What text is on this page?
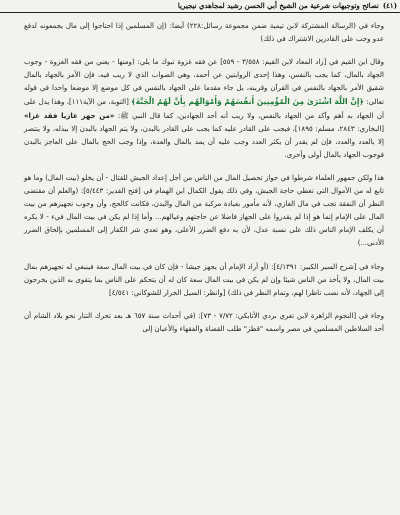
(٤١)نصائح وتوجيهات شرعية من الشيخ أبي الحسن رشيد لمجاهدي نيجيريا

وجاء في (الرسالة المشتركة لابن تيمية ضمن مجموعة رسائل:٢٢٨) أيضا: (إن المسلمين إذا احتاجوا إلى مال يجمعونه لدفع عدو وجب على القادرين الاشتراك في ذلك)

وقال ابن القيم في [زاد المعاد لابن القيم: ٣/٥٥٨ - ٥٥٩] عن فقه غزوة تبوك ما يلي: (ومنها - يعني من فقه الغزوة - وجوب الجهاد بالمال، كما يجب بالنفس، وهذا إحدى الروايتين عن أحمد، وهي الصواب الذي لا ريب فيه، فإن الأمر بالجهاد بالمال شقيق الأمر بالجهاد بالنفس في القرآن وقرينه، بل جاء مقدما على الجهاد بالنفس في كل موضع إلا موضعا واحدا في قوله تعالى: ﴿إِنَّ اللَّهَ اشْتَرَىٰ مِنَ الْمُؤْمِنِينَ أَنفُسَهُمْ وَأَمْوَالَهُم بِأَنَّ لَهُمُ الْجَنَّةَ﴾ [التوبة، من الآية١١١]، وهذا يدل على أن الجهاد به أهم وآكد من الجهاد بالنفس، ولا ريب أنه أحد الجهادين، كما قال النبي ﷺ: «من جهز غازيا فقد غزا» [البخاري: ٢٨٤٣، مسلم: ١٨٩٥]، فيجب على القادر عليه كما يجب على القادر بالبدن، ولا يتم الجهاد بالبدن إلا ببذله، ولا ينتصر إلا بالعدد والعدد، فإن لم يقدر أن يكثر العدد وجب عليه أن يمد بالمال والعدة، وإذا وجب الحج بالمال على العاجز بالبدن فوجوب الجهاد بالمال أولى وأحرى.

هذا ولكن جمهور العلماء شرطوا في جواز تحصيل المال من الناس من أجل إعداد الجيش للقتال - أن يخلو (بيت المال) وما هو تابع له من الأموال التي تغطي حاجة الجيش، وفي ذلك يقول الكمال ابن الهمام في [فتح القدير: ٥/٤٤٣]: (والعلم أن مقتضى النظر أن النفقة تجب في مال الغازي، لأنه مأمور بعبادة مركبة من المال والبدن، فكانت كالحج، وأن وجوب تجهيزهم من بيت المال على الإمام إنما هو إذا لم يقدروا على الجهاز فاضلا عن حاجتهم وعيالهم... وأما إذا لم يكن في بيت المال فيء - لا يكره أن يكلف الإمام الناس ذلك على نسبة عدل، لأن به دفع الضرر الأعلى، وهو تعدي شر الكفار إلى المسلمين بإلحاق الضرر الأدنى...)

وجاء في [شرح السير الكبير: ٤/١٣٩١]: (أو أراد الإمام أن يجهز جيشا - فإن كان في بيت المال سعة فينبغي له تجهيزهم بمال بيت المال، ولا يأخذ من الناس شيئا وإن لم يكن في بيت المال سعة كان له أن يتحكم على الناس بما يتقوى به الذين يخرجون إلى الجهاد، لأنه نصب ناظرا لهم، وتمام النظر في ذلك) [وانظر: السيل الجرار للشوكاني: ٤/٥٤١]

وجاء في [النجوم الزاهرة لابن تغري بردي الأتابكي: ٧/٧٢ - ٧٣]: (في أحداث سنة ٦٥٧ هـ بعد تحرك التتار نحو بلاد الشام أن أحد السلاطين المسلمين في مصر واسمه "قطز" طلب القضاة والفقهاء والأعيان إلى
